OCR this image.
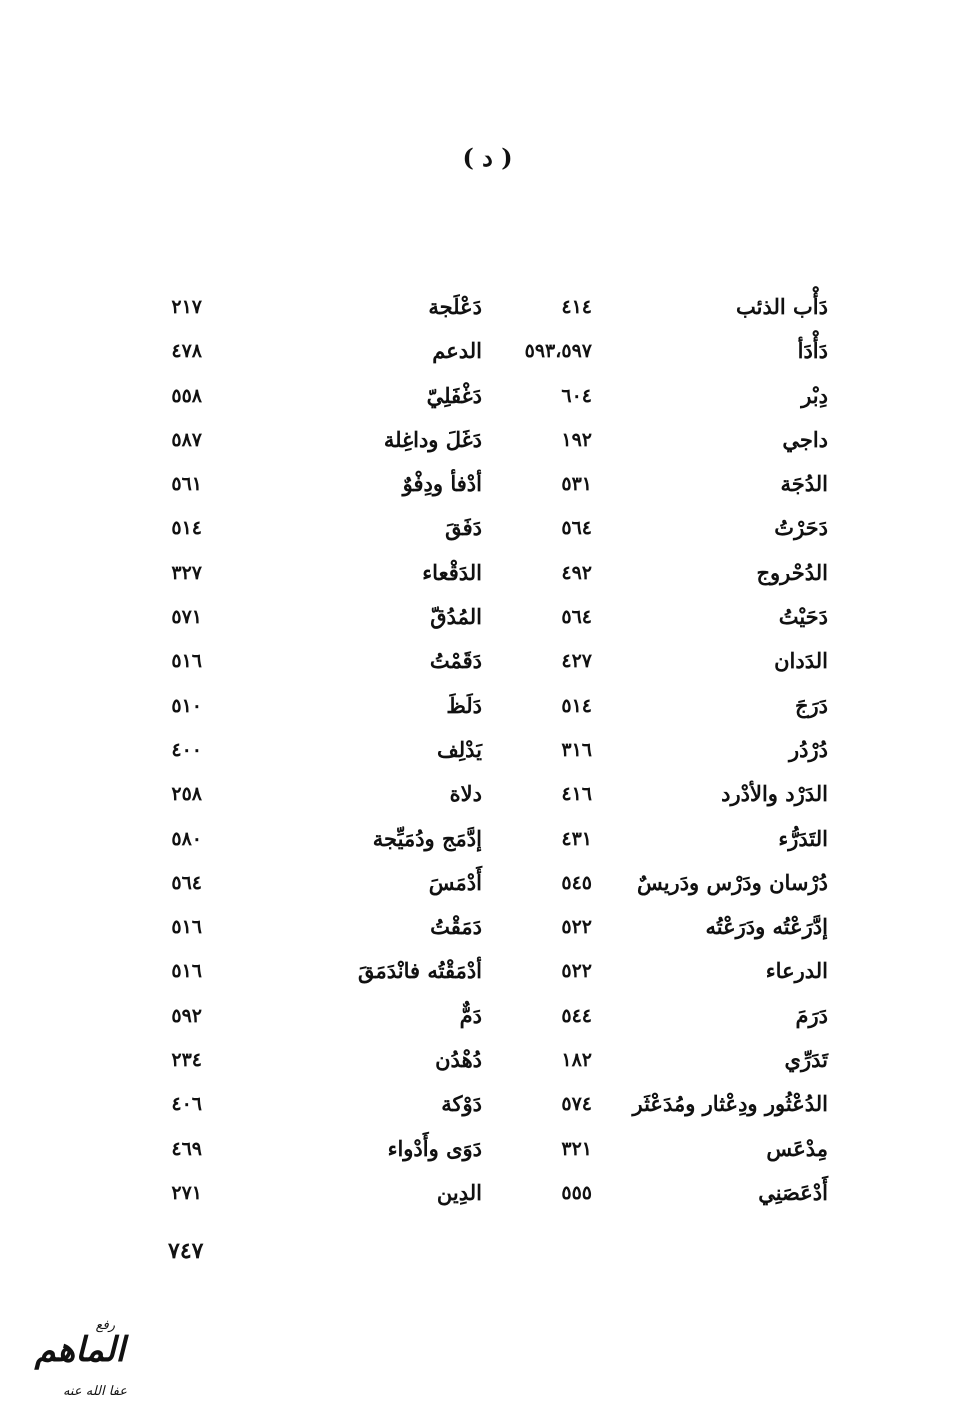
( د )
دَأْب الذئب
٤١٤
دَعْلَجة
٢١٧
دَأْدَأ
٥٩٣،٥٩٧
الدعم
٤٧٨
دِبْر
٦٠٤
دَغْفَلِيّ
٥٥٨
داجي
١٩٢
دَغَلَ وداغِلة
٥٨٧
الدُجَة
٥٣١
أدْفأ ودِفْوٌ
٥٦١
دَحَرْتُ
٥٦٤
دَفَقَ
٥١٤
الدُحْروج
٤٩٢
الدَقْعاء
٣٢٧
دَحَيْتُ
٥٦٤
المُدُقّ
٥٧١
الدَدان
٤٢٧
دَقَمْتُ
٥١٦
دَرَجَ
٥١٤
دَلَظَ
٥١٠
دُرْدُر
٣١٦
يَدْلِف
٤٠٠
الدَرْد والأدْرد
٤١٦
دلاة
٢٥٨
التَدَرُّء
٤٣١
إدَّمَج ودُمَيِّجة
٥٨٠
دُرْسان ودَرْس ودَريسٌ
٥٤٥
أَدْمَسَ
٥٦٤
إدَّرَعْتُه ودَرَعْتُه
٥٢٢
دَمَقْتُ
٥١٦
الدرعاء
٥٢٢
أدْمَقْتُه فانْدَمَقَ
٥١٦
دَرَمَ
٥٤٤
دَمٌّ
٥٩٢
تَدَرِّي
١٨٢
دُهْدُن
٢٣٤
الدُعْثُور ودِعْثار ومُدَعْثَر
٥٧٤
دَوْكة
٤٠٦
مِدْعَس
٣٢١
دَوَى وأَدْواء
٤٦٩
أَدْعَصَنِي
٥٥٥
الدِين
٢٧١
٧٤٧
رفع
الماهم
عفا الله عنه
